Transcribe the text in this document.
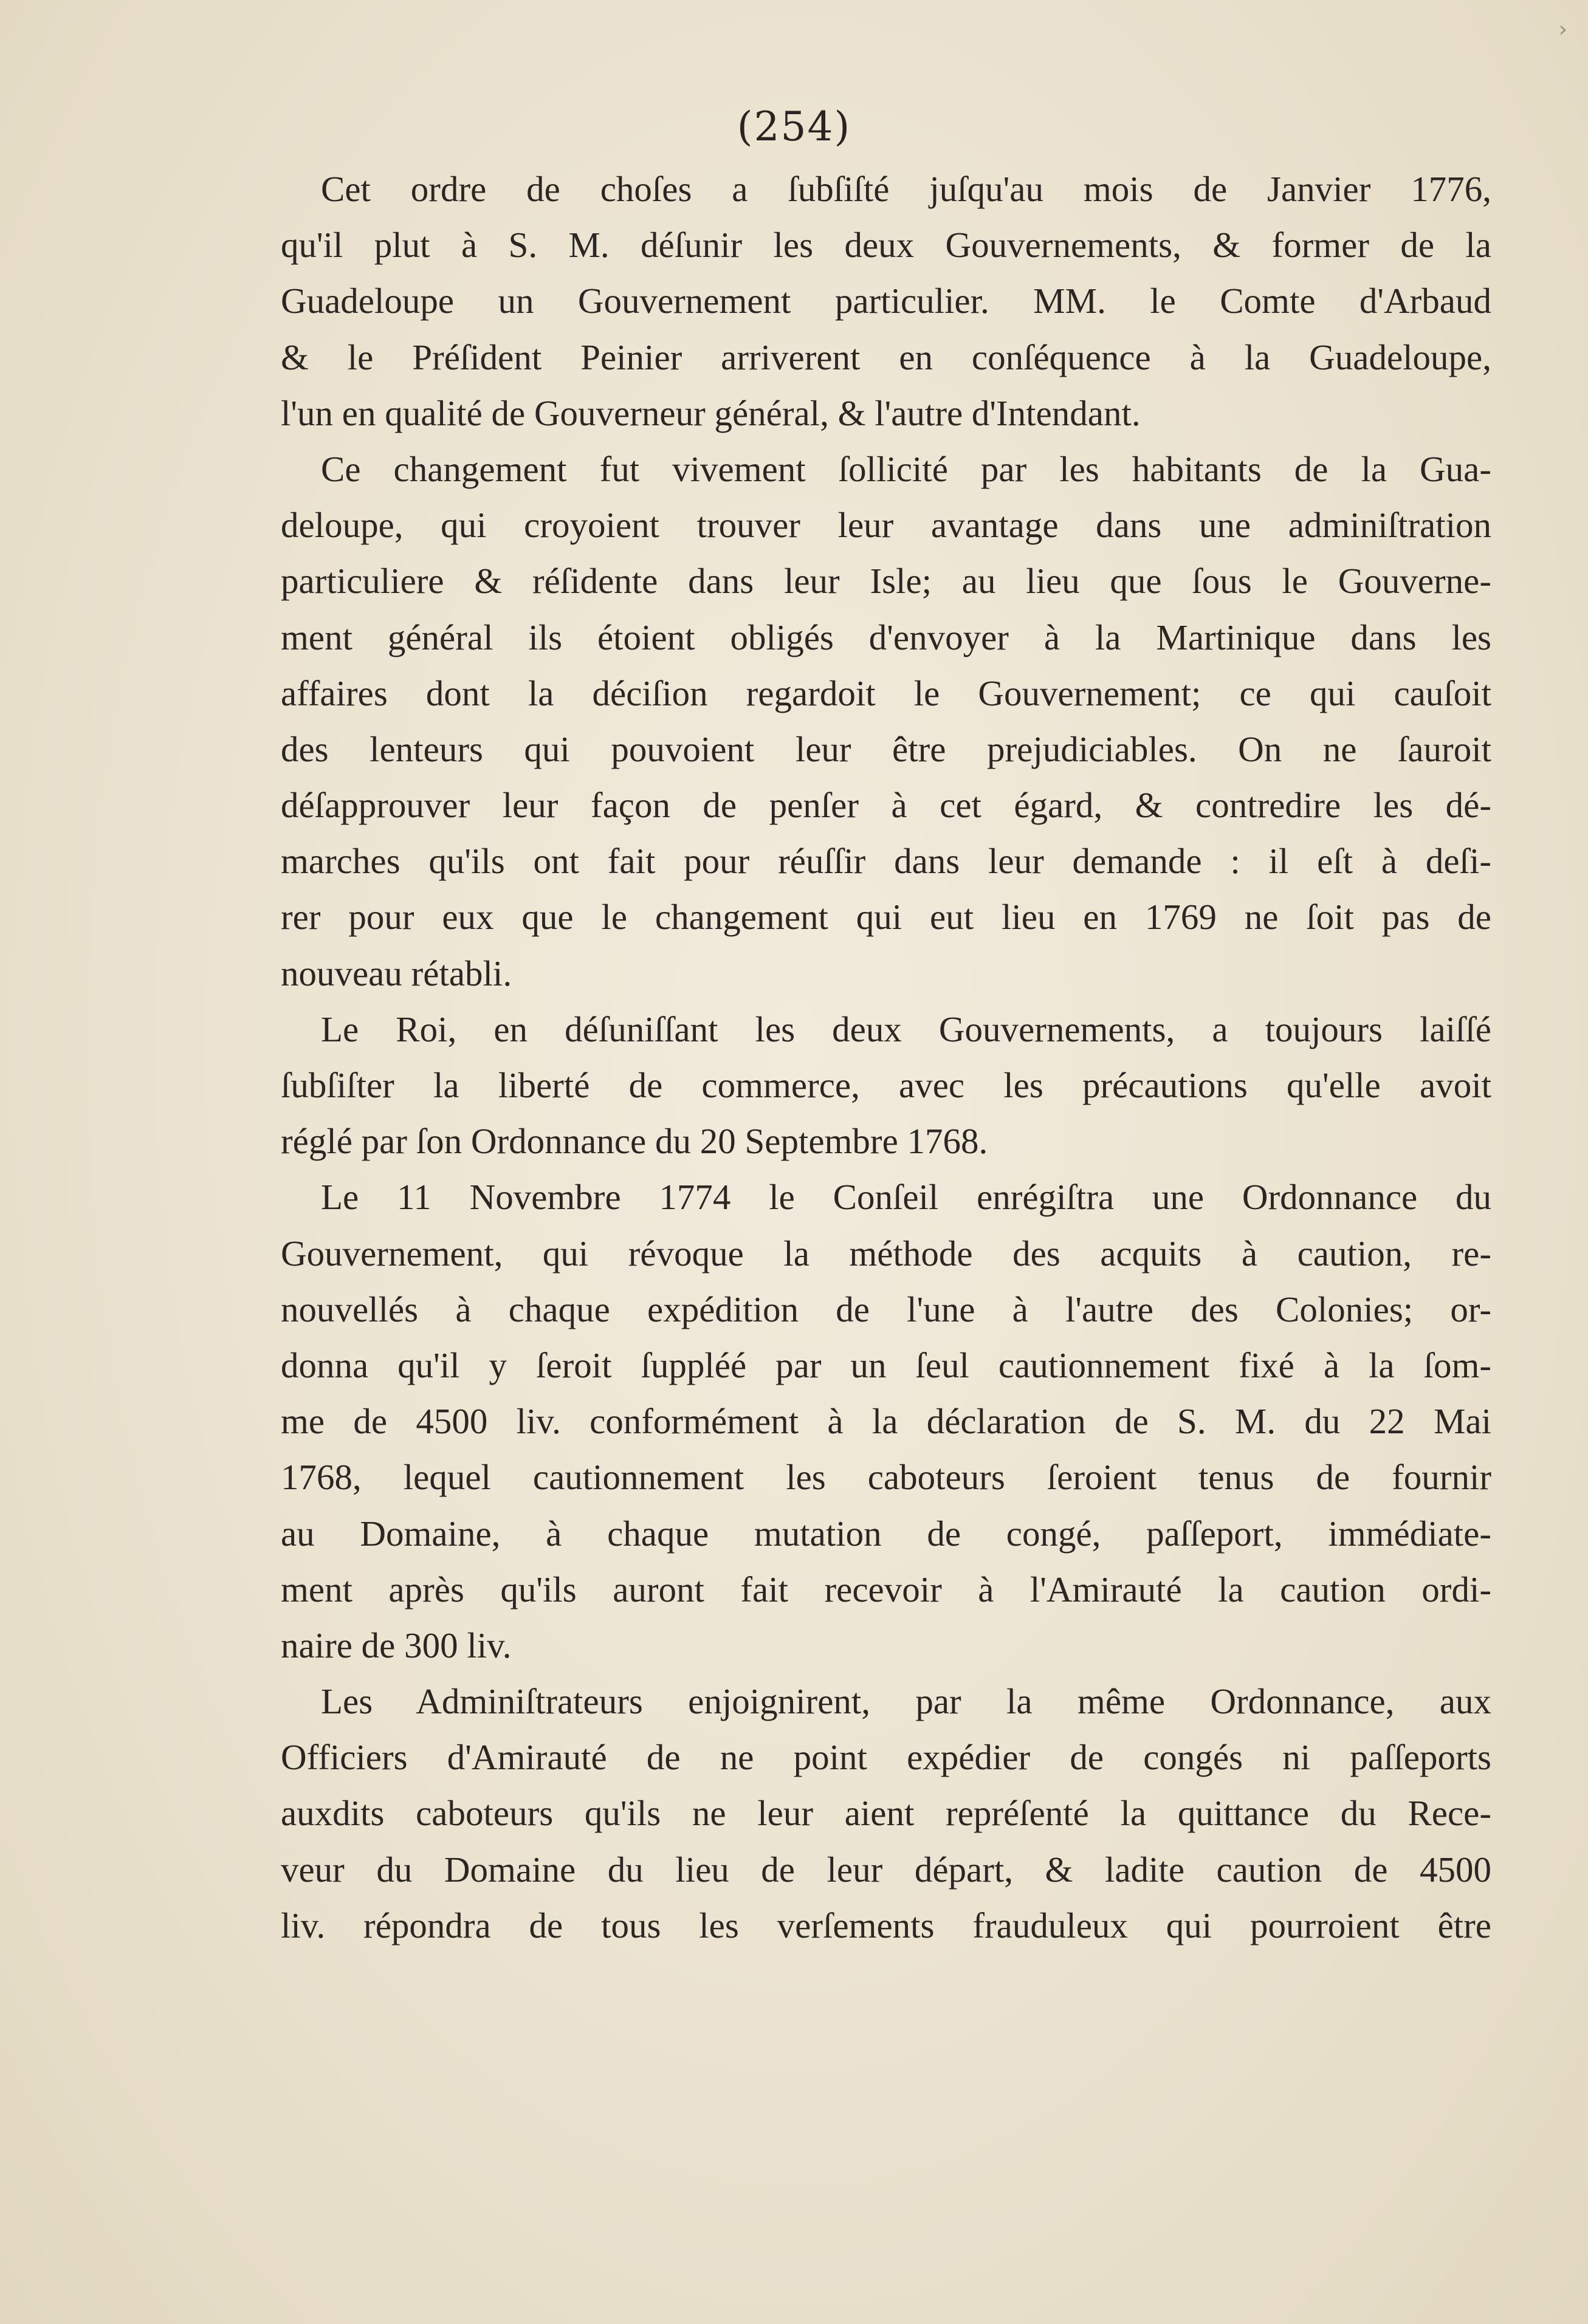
›
(254)
Cet ordre de choſes a ſubſiſté juſqu'au mois de Janvier 1776,
qu'il plut à S. M. déſunir les deux Gouvernements, & former de la
Guadeloupe un Gouvernement particulier. MM. le Comte d'Arbaud
& le Préſident Peinier arriverent en conſéquence à la Guadeloupe,
l'un en qualité de Gouverneur général, & l'autre d'Intendant.
Ce changement fut vivement ſollicité par les habitants de la Gua-
deloupe, qui croyoient trouver leur avantage dans une adminiſtration
particuliere & réſidente dans leur Isle; au lieu que ſous le Gouverne-
ment général ils étoient obligés d'envoyer à la Martinique dans les
affaires dont la déciſion regardoit le Gouvernement; ce qui cauſoit
des lenteurs qui pouvoient leur être prejudiciables. On ne ſauroit
déſapprouver leur façon de penſer à cet égard, & contredire les dé-
marches qu'ils ont fait pour réuſſir dans leur demande : il eſt à deſi-
rer pour eux que le changement qui eut lieu en 1769 ne ſoit pas de
nouveau rétabli.
Le Roi, en déſuniſſant les deux Gouvernements, a toujours laiſſé
ſubſiſter la liberté de commerce, avec les précautions qu'elle avoit
réglé par ſon Ordonnance du 20 Septembre 1768.
Le 11 Novembre 1774 le Conſeil enrégiſtra une Ordonnance du
Gouvernement, qui révoque la méthode des acquits à caution, re-
nouvellés à chaque expédition de l'une à l'autre des Colonies; or-
donna qu'il y ſeroit ſuppléé par un ſeul cautionnement fixé à la ſom-
me de 4500 liv. conformément à la déclaration de S. M. du 22 Mai
1768, lequel cautionnement les caboteurs ſeroient tenus de fournir
au Domaine, à chaque mutation de congé, paſſeport, immédiate-
ment après qu'ils auront fait recevoir à l'Amirauté la caution ordi-
naire de 300 liv.
Les Adminiſtrateurs enjoignirent, par la même Ordonnance, aux
Officiers d'Amirauté de ne point expédier de congés ni paſſeports
auxdits caboteurs qu'ils ne leur aient repréſenté la quittance du Rece-
veur du Domaine du lieu de leur départ, & ladite caution de 4500
liv. répondra de tous les verſements frauduleux qui pourroient être
